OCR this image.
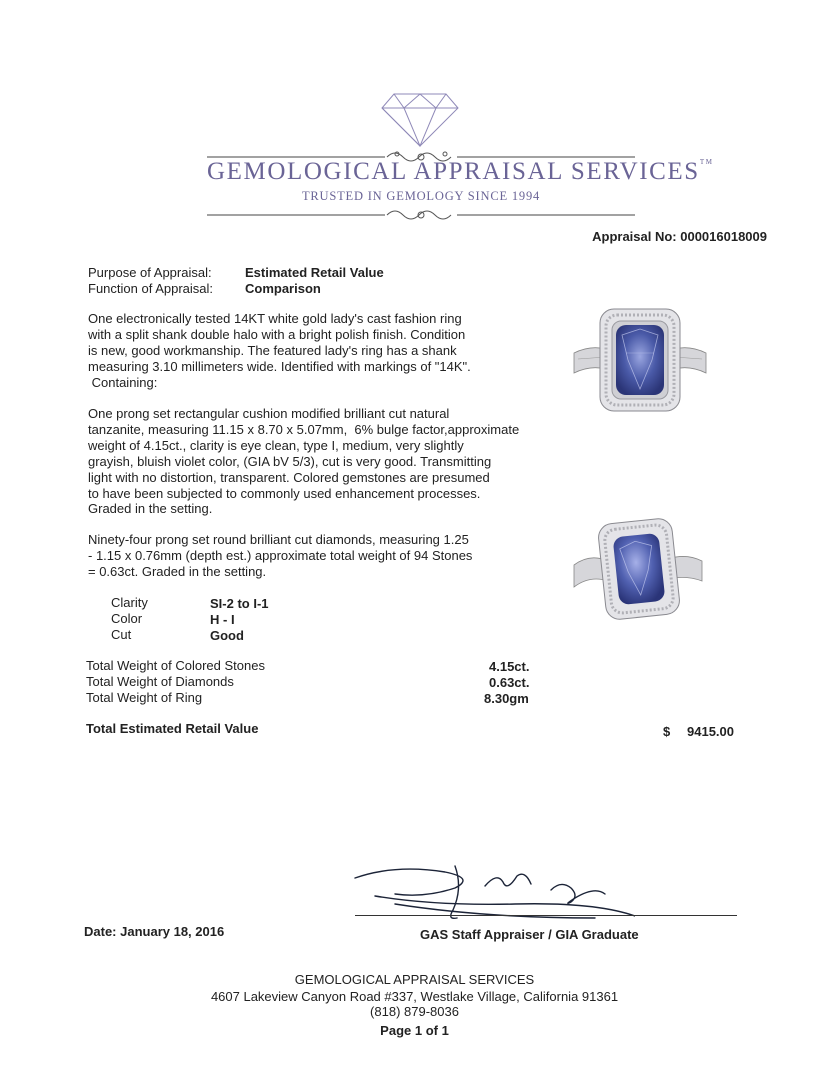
GEMOLOGICAL APPRAISAL SERVICES™
TRUSTED IN GEMOLOGY SINCE 1994
Appraisal No: 000016018009
Purpose of Appraisal:	Estimated Retail Value
Function of Appraisal: Comparison
One electronically tested 14KT white gold lady's cast fashion ring
with a split shank double halo with a bright polish finish. Condition
is new, good workmanship. The featured lady's ring has a shank
measuring 3.10 millimeters wide. Identified with markings of "14K".
Containing:
One prong set rectangular cushion modified brilliant cut natural
tanzanite, measuring 11.15 x 8.70 x 5.07mm,  6% bulge factor,approximate
weight of 4.15ct., clarity is eye clean, type I, medium, very slightly
grayish, bluish violet color, (GIA bV 5/3), cut is very good. Transmitting
light with no distortion, transparent. Colored gemstones are presumed
to have been subjected to commonly used enhancement processes.
Graded in the setting.
Ninety-four prong set round brilliant cut diamonds, measuring 1.25
- 1.15 x 0.76mm (depth est.) approximate total weight of 94 Stones
= 0.63ct. Graded in the setting.
Clarity	SI-2 to I-1
Color	H - I
Cut	Good
Total Weight of Colored Stones	4.15ct.
Total Weight of Diamonds	0.63ct.
Total Weight of Ring	8.30gm
Total Estimated Retail Value	$ 9415.00
Date: January 18, 2016	GAS Staff Appraiser / GIA Graduate
GEMOLOGICAL APPRAISAL SERVICES
4607 Lakeview Canyon Road #337, Westlake Village, California 91361
(818) 879-8036
Page 1 of 1
